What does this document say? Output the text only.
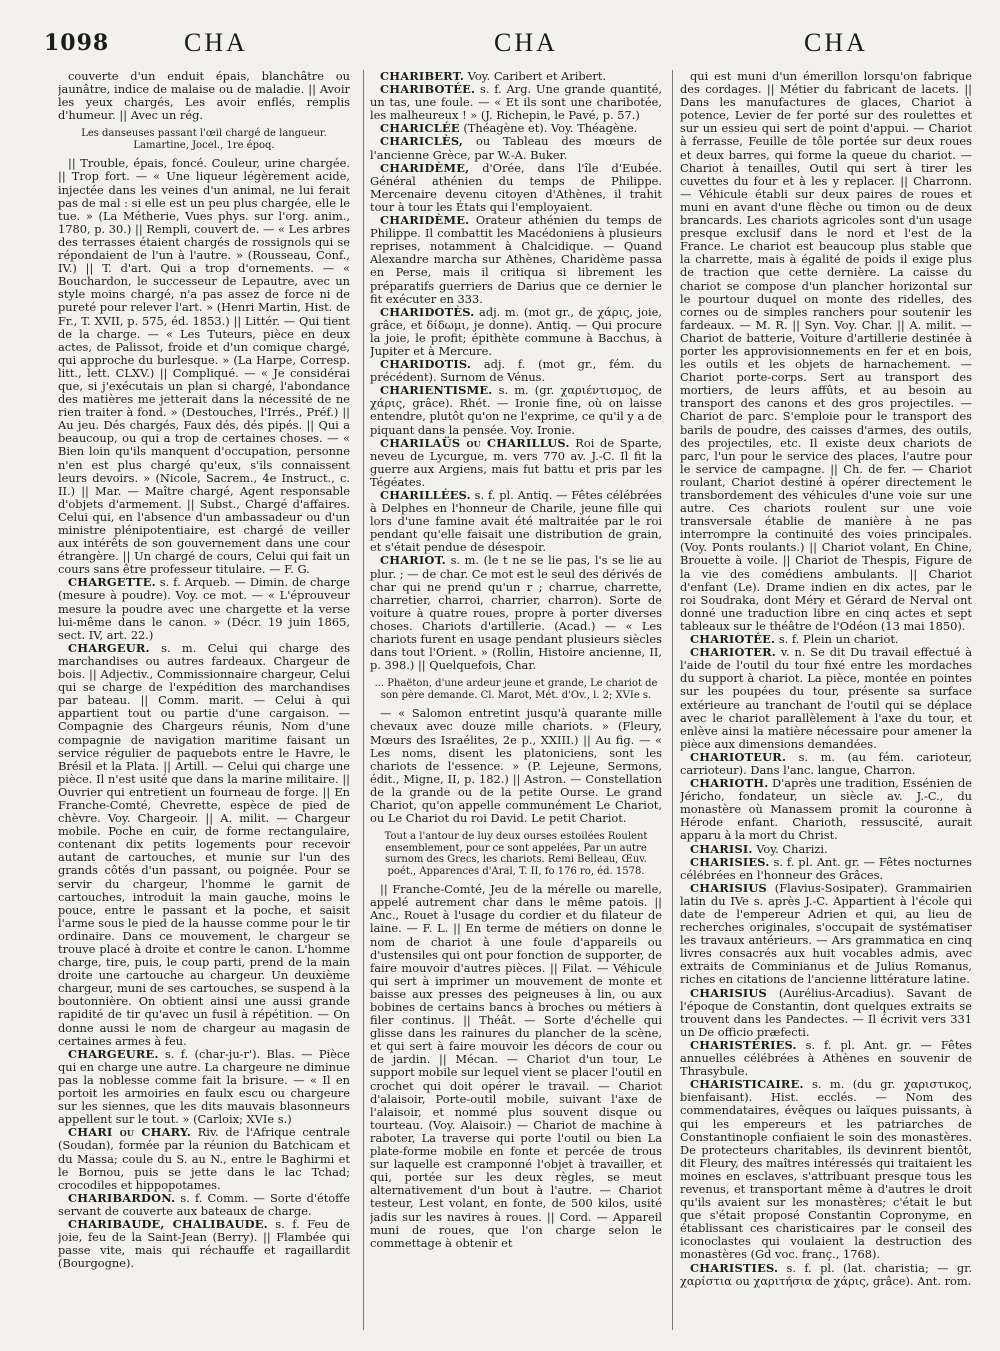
1098	CHA	CHA	CHA

couverte d'un enduit épais, blanchâtre ou jaunâtre, indice de malaise ou de maladie. || Avoir les yeux chargés, Les avoir enflés, remplis d'humeur. || Avec un rég.

Les danseuses passant l'œil chargé de langueur. Lamartine, Jocel., 1re époq.

|| Trouble, épais, foncé. Couleur, urine chargée. || Trop fort. — « Une liqueur légèrement acide, injectée dans les veines d'un animal, ne lui ferait pas de mal : si elle est un peu plus chargée, elle le tue. » (La Métherie, Vues phys. sur l'org. anim., 1780, p. 30.) || Rempli, couvert de. — « Les arbres des terrasses étaient chargés de rossignols qui se répondaient de l'un à l'autre. » (Rousseau, Conf., IV.) || T. d'art. Qui a trop d'ornements. — « Bouchardon, le successeur de Lepautre, avec un style moins chargé, n'a pas assez de force ni de pureté pour relever l'art. » (Henri Martin, Hist. de Fr., T. XVII, p. 575, éd. 1853.) || Littér. — Qui tient de la charge. — « Les Tuteurs, pièce en deux actes, de Palissot, froide et d'un comique chargé, qui approche du burlesque. » (La Harpe, Corresp. litt., lett. CLXV.) || Compliqué. — « Je considérai que, si j'exécutais un plan si chargé, l'abondance des matières me jetterait dans la nécessité de ne rien traiter à fond. » (Destouches, l'Irrés., Préf.) || Au jeu. Dés chargés, Faux dés, dés pipés. || Qui a beaucoup, ou qui a trop de certaines choses. — « Bien loin qu'ils manquent d'occupation, personne n'en est plus chargé qu'eux, s'ils connaissent leurs devoirs. » (Nicole, Sacrem., 4e Instruct., c. II.) || Mar. — Maître chargé, Agent responsable d'objets d'armement. || Subst., Chargé d'affaires. Celui qui, en l'absence d'un ambassadeur ou d'un ministre plénipotentiaire, est chargé de veiller aux intérêts de son gouvernement dans une cour étrangère. || Un chargé de cours, Celui qui fait un cours sans être professeur titulaire. — F. G.

CHARGETTE. s. f. Arqueb. — Dimin. de charge (mesure à poudre). Voy. ce mot. — « L'éprouveur mesure la poudre avec une chargette et la verse lui-même dans le canon. » (Décr. 19 juin 1865, sect. IV, art. 22.)

CHARGEUR. s. m. Celui qui charge des marchandises ou autres fardeaux. Chargeur de bois. || Adjectiv., Commissionnaire chargeur, Celui qui se charge de l'expédition des marchandises par bateau. || Comm. marit. — Celui à qui appartient tout ou partie d'une cargaison. — Compagnie des Chargeurs réunis, Nom d'une compagnie de navigation maritime faisant un service régulier de paquebots entre le Havre, le Brésil et la Plata. || Artill. — Celui qui charge une pièce. Il n'est usité que dans la marine militaire. || Ouvrier qui entretient un fourneau de forge. || En Franche-Comté, Chevrette, espèce de pied de chèvre. Voy. Chargeoir. || A. milit. — Chargeur mobile. Poche en cuir, de forme rectangulaire, contenant dix petits logements pour recevoir autant de cartouches, et munie sur l'un des grands côtés d'un passant, ou poignée. Pour se servir du chargeur, l'homme le garnit de cartouches, introduit la main gauche, moins le pouce, entre le passant et la poche, et saisit l'arme sous le pied de la hausse comme pour le tir ordinaire. Dans ce mouvement, le chargeur se trouve placé à droite et contre le canon. L'homme charge, tire, puis, le coup parti, prend de la main droite une cartouche au chargeur. Un deuxième chargeur, muni de ses cartouches, se suspend à la boutonnière. On obtient ainsi une aussi grande rapidité de tir qu'avec un fusil à répétition. — On donne aussi le nom de chargeur au magasin de certaines armes à feu.

CHARGEURE. s. f. (char-ju-r'). Blas. — Pièce qui en charge une autre. La chargeure ne diminue pas la noblesse comme fait la brisure. — « Il en portoit les armoiries en faulx escu ou chargeure sur les siennes, que les dits mauvais blasonneurs appellent sur le tout. » (Carloix; XVIe s.)

CHARI ou CHARY. Riv. de l'Afrique centrale (Soudan), formée par la réunion du Batchicam et du Massa; coule du S. au N., entre le Baghirmi et le Bornou, puis se jette dans le lac Tchad; crocodiles et hippopotames.

CHARIBARDON. s. f. Comm. — Sorte d'étoffe servant de couverte aux bateaux de charge.

CHARIBAUDE, CHALIBAUDE. s. f. Feu de joie, feu de la Saint-Jean (Berry). || Flambée qui passe vite, mais qui réchauffe et ragaillardit (Bourgogne).

CHARIBERT. Voy. Caribert et Aribert.

CHARIBOTÉE. s. f. Arg. Une grande quantité, un tas, une foule. — « Et ils sont une charibotée, les malheureux ! » (J. Richepin, le Pavé, p. 57.)

CHARICLÉE (Théagène et). Voy. Théagène.

CHARICLÈS, ou Tableau des mœurs de l'ancienne Grèce, par W.-A. Buker.

CHARIDÈME, d'Orée, dans l'île d'Eubée. Général athénien du temps de Philippe. Mercenaire devenu citoyen d'Athènes, il trahit tour à tour les États qui l'employaient.

CHARIDÈME. Orateur athénien du temps de Philippe. Il combattit les Macédoniens à plusieurs reprises, notamment à Chalcidique. — Quand Alexandre marcha sur Athènes, Charidème passa en Perse, mais il critiqua si librement les préparatifs guerriers de Darius que ce dernier le fit exécuter en 333.

CHARIDOTÈS. adj. m. (mot gr., de χάρις, joie, grâce, et δίδωμι, je donne). Antiq. — Qui procure la joie, le profit; épithète commune à Bacchus, à Jupiter et à Mercure.

CHARIDOTIS. adj. f. (mot gr., fém. du précédent). Surnom de Vénus.

CHARIENTISME. s. m. (gr. χαριέντισμος, de χάρις, grâce). Rhét. — Ironie fine, où on laisse entendre, plutôt qu'on ne l'exprime, ce qu'il y a de piquant dans la pensée. Voy. Ironie.

CHARILAÜS ou CHARILLUS. Roi de Sparte, neveu de Lycurgue, m. vers 770 av. J.-C. Il fit la guerre aux Argiens, mais fut battu et pris par les Tégéates.

CHARILLÉES. s. f. pl. Antiq. — Fêtes célébrées à Delphes en l'honneur de Charile, jeune fille qui lors d'une famine avait été maltraitée par le roi pendant qu'elle faisait une distribution de grain, et s'était pendue de désespoir.

CHARIOT. s. m. (le t ne se lie pas, l's se lie au plur. ; — de char. Ce mot est le seul des dérivés de char qui ne prend qu'un r ; charrue, charrette, charretier, charroi, charrier, charron). Sorte de voiture à quatre roues, propre à porter diverses choses. Chariots d'artillerie. (Acad.) — « Les chariots furent en usage pendant plusieurs siècles dans tout l'Orient. » (Rollin, Histoire ancienne, II, p. 398.) || Quelquefois, Char.

... Phaëton, d'une ardeur jeune et grande, Le chariot de son père demande. Cl. Marot, Mét. d'Ov., l. 2; XVIe s.

— « Salomon entretint jusqu'à quarante mille chevaux avec douze mille chariots. » (Fleury, Mœurs des Israélites, 2e p., XXIII.) || Au fig. — « Les noms, disent les platoniciens, sont les chariots de l'essence. » (P. Lejeune, Sermons, édit., Migne, II, p. 182.) || Astron. — Constellation de la grande ou de la petite Ourse. Le grand Chariot, qu'on appelle communément Le Chariot, ou Le Chariot du roi David. Le petit Chariot.

Tout a l'antour de luy deux ourses estoilées Roulent ensemblement, pour ce sont appelées, Par un autre surnom des Grecs, les chariots. Remi Belleau, Œuv. poét., Apparences d'Aral, T. II, fo 176 ro, éd. 1578.

|| Franche-Comté, Jeu de la mérelle ou marelle, appelé autrement char dans le même patois. || Anc., Rouet à l'usage du cordier et du filateur de laine. — F. L. || En terme de métiers on donne le nom de chariot à une foule d'appareils ou d'ustensiles qui ont pour fonction de supporter, de faire mouvoir d'autres pièces. || Filat. — Véhicule qui sert à imprimer un mouvement de monte et baisse aux presses des peigneuses à lin, ou aux bobines de certains bancs à broches ou métiers à filer continus. || Théât. — Sorte d'échelle qui glisse dans les rainures du plancher de la scène, et qui sert à faire mouvoir les décors de cour ou de jardin. || Mécan. — Chariot d'un tour, Le support mobile sur lequel vient se placer l'outil en crochet qui doit opérer le travail. — Chariot d'alaisoir, Porte-outil mobile, suivant l'axe de l'alaisoir, et nommé plus souvent disque ou tourteau. (Voy. Alaisoir.) — Chariot de machine à raboter, La traverse qui porte l'outil ou bien La plate-forme mobile en fonte et percée de trous sur laquelle est cramponné l'objet à travailler, et qui, portée sur les deux règles, se meut alternativement d'un bout à l'autre. — Chariot testeur, Lest volant, en fonte, de 500 kilos, usité jadis sur les navires à roues. || Cord. — Appareil muni de roues, que l'on charge selon le commettage à obtenir et

qui est muni d'un émerillon lorsqu'on fabrique des cordages. || Métier du fabricant de lacets. || Dans les manufactures de glaces, Chariot à potence, Levier de fer porté sur des roulettes et sur un essieu qui sert de point d'appui. — Chariot à ferrasse, Feuille de tôle portée sur deux roues et deux barres, qui forme la queue du chariot. — Chariot à tenailles, Outil qui sert à tirer les cuvettes du four et à les y replacer. || Charronn. — Véhicule établi sur deux paires de roues et muni en avant d'une flèche ou timon ou de deux brancards. Les chariots agricoles sont d'un usage presque exclusif dans le nord et l'est de la France. Le chariot est beaucoup plus stable que la charrette, mais à égalité de poids il exige plus de traction que cette dernière. La caisse du chariot se compose d'un plancher horizontal sur le pourtour duquel on monte des ridelles, des cornes ou de simples ranchers pour soutenir les fardeaux. — M. R. || Syn. Voy. Char. || A. milit. — Chariot de batterie, Voiture d'artillerie destinée à porter les approvisionnements en fer et en bois, les outils et les objets de harnachement. — Chariot porte-corps. Sert au transport des mortiers, de leurs affûts, et au besoin au transport des canons et des gros projectiles. — Chariot de parc. S'emploie pour le transport des barils de poudre, des caisses d'armes, des outils, des projectiles, etc. Il existe deux chariots de parc, l'un pour le service des places, l'autre pour le service de campagne. || Ch. de fer. — Chariot roulant, Chariot destiné à opérer directement le transbordement des véhicules d'une voie sur une autre. Ces chariots roulent sur une voie transversale établie de manière à ne pas interrompre la continuité des voies principales. (Voy. Ponts roulants.) || Chariot volant, En Chine, Brouette à voile. || Chariot de Thespis, Figure de la vie des comédiens ambulants. || Chariot d'enfant (Le). Drame indien en dix actes, par le roi Soudraka, dont Méry et Gérard de Nerval ont donné une traduction libre en cinq actes et sept tableaux sur le théâtre de l'Odéon (13 mai 1850).

CHARIOTÉE. s. f. Plein un chariot.

CHARIOTER. v. n. Se dit Du travail effectué à l'aide de l'outil du tour fixé entre les mordaches du support à chariot. La pièce, montée en pointes sur les poupées du tour, présente sa surface extérieure au tranchant de l'outil qui se déplace avec le chariot parallèlement à l'axe du tour, et enlève ainsi la matière nécessaire pour amener la pièce aux dimensions demandées.

CHARIOTEUR. s. m. (au fém. carioteur, carrioteur). Dans l'anc. langue, Charron.

CHARIOTH. D'après une tradition, Essénien de Jéricho, fondateur, un siècle av. J.-C., du monastère où Manassem promit la couronne à Hérode enfant. Charioth, ressuscité, aurait apparu à la mort du Christ.

CHARISI. Voy. Charizi.

CHARISIES. s. f. pl. Ant. gr. — Fêtes nocturnes célébrées en l'honneur des Grâces.

CHARISIUS (Flavius-Sosipater). Grammairien latin du IVe s. après J.-C. Appartient à l'école qui date de l'empereur Adrien et qui, au lieu de recherches originales, s'occupait de systématiser les travaux antérieurs. — Ars grammatica en cinq livres consacrés aux huit vocables admis, avec extraits de Comminianus et de Julius Romanus, riches en citations de l'ancienne littérature latine.

CHARISIUS (Aurélius-Arcadius). Savant de l'époque de Constantin, dont quelques extraits se trouvent dans les Pandectes. — Il écrivit vers 331 un De officio præfecti.

CHARISTÉRIES. s. f. pl. Ant. gr. — Fêtes annuelles célébrées à Athènes en souvenir de Thrasybule.

CHARISTICAIRE. s. m. (du gr. χαριστικος, bienfaisant). Hist. ecclés. — Nom des commendataires, évêques ou laïques puissants, à qui les empereurs et les patriarches de Constantinople confiaient le soin des monastères. De protecteurs charitables, ils devinrent bientôt, dit Fleury, des maîtres intéressés qui traitaient les moines en esclaves, s'attribuant presque tous les revenus, et transportant même à d'autres le droit qu'ils avaient sur les monastères; c'était le but que s'était proposé Constantin Copronyme, en établissant ces charisticaires par le conseil des iconoclastes qui voulaient la destruction des monastères (Gd voc. franç., 1768).

CHARISTIES. s. f. pl. (lat. charistia; — gr. χαρίστια ou χαριτήσια de χάρις, grâce). Ant. rom.
